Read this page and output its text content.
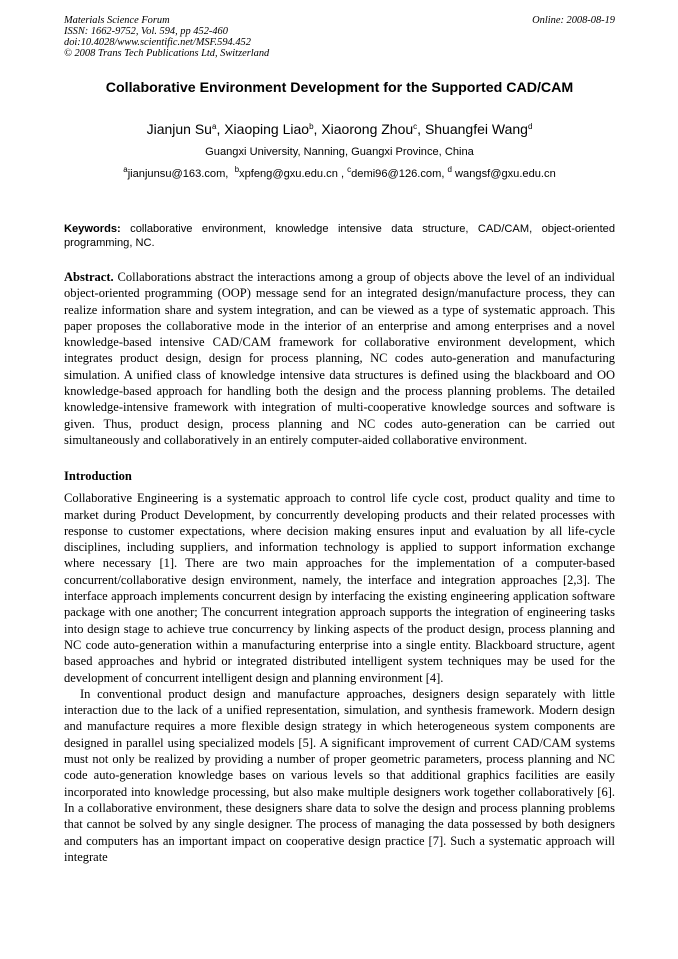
Materials Science Forum
ISSN: 1662-9752, Vol. 594, pp 452-460
doi:10.4028/www.scientific.net/MSF.594.452
© 2008 Trans Tech Publications Ltd, Switzerland
Online: 2008-08-19
Collaborative Environment Development for the Supported CAD/CAM
Jianjun Su$^a$, Xiaoping Liao$^b$, Xiaorong Zhou$^c$, Shuangfei Wang$^d$
Guangxi University, Nanning, Guangxi Province, China
$^a$jianjunsu@163.com, $^b$xpfeng@gxu.edu.cn , $^c$demi96@126.com, $^d$ wangsf@gxu.edu.cn
Keywords: collaborative environment, knowledge intensive data structure, CAD/CAM, object-oriented programming, NC.
Abstract. Collaborations abstract the interactions among a group of objects above the level of an individual object-oriented programming (OOP) message send for an integrated design/manufacture process, they can realize information share and system integration, and can be viewed as a type of systematic approach. This paper proposes the collaborative mode in the interior of an enterprise and among enterprises and a novel knowledge-based intensive CAD/CAM framework for collaborative environment development, which integrates product design, design for process planning, NC codes auto-generation and manufacturing simulation. A unified class of knowledge intensive data structures is defined using the blackboard and OO knowledge-based approach for handling both the design and the process planning problems. The detailed knowledge-intensive framework with integration of multi-cooperative knowledge sources and software is given. Thus, product design, process planning and NC codes auto-generation can be carried out simultaneously and collaboratively in an entirely computer-aided collaborative environment.
Introduction
Collaborative Engineering is a systematic approach to control life cycle cost, product quality and time to market during Product Development, by concurrently developing products and their related processes with response to customer expectations, where decision making ensures input and evaluation by all life-cycle disciplines, including suppliers, and information technology is applied to support information exchange where necessary [1]. There are two main approaches for the implementation of a computer-based concurrent/collaborative design environment, namely, the interface and integration approaches [2,3]. The interface approach implements concurrent design by interfacing the existing engineering application software package with one another; The concurrent integration approach supports the integration of engineering tasks into design stage to achieve true concurrency by linking aspects of the product design, process planning and NC code auto-generation within a manufacturing enterprise into a single entity. Blackboard structure, agent based approaches and hybrid or integrated distributed intelligent system techniques may be used for the development of concurrent intelligent design and planning environment [4].
In conventional product design and manufacture approaches, designers design separately with little interaction due to the lack of a unified representation, simulation, and synthesis framework. Modern design and manufacture requires a more flexible design strategy in which heterogeneous system components are designed in parallel using specialized models [5]. A significant improvement of current CAD/CAM systems must not only be realized by providing a number of proper geometric parameters, process planning and NC code auto-generation knowledge bases on various levels so that additional graphics facilities are easily incorporated into knowledge processing, but also make multiple designers work together collaboratively [6]. In a collaborative environment, these designers share data to solve the design and process planning problems that cannot be solved by any single designer. The process of managing the data possessed by both designers and computers has an important impact on cooperative design practice [7]. Such a systematic approach will integrate
